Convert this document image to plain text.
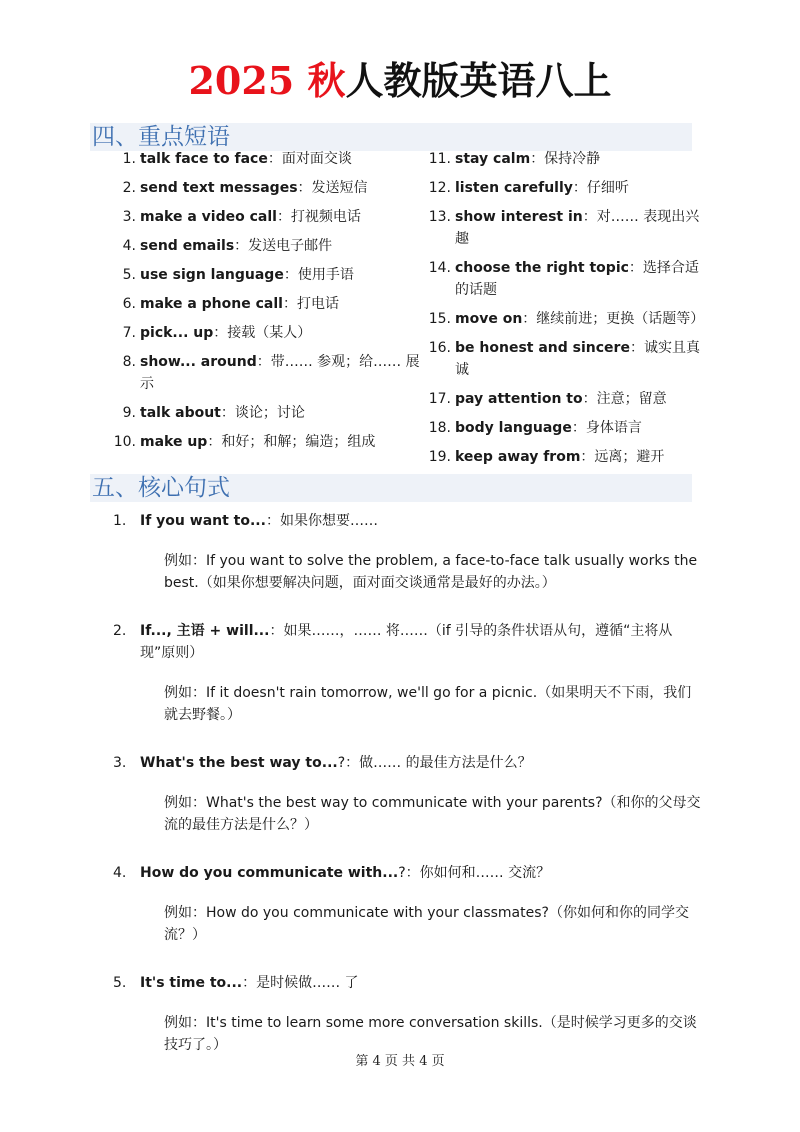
2025 秋人教版英语八上
四、重点短语
1. talk face to face：面对面交谈
2. send text messages：发送短信
3. make a video call：打视频电话
4. send emails：发送电子邮件
5. use sign language：使用手语
6. make a phone call：打电话
7. pick... up：接载（某人）
8. show... around：带…… 参观；给…… 展示
9. talk about：谈论；讨论
10. make up：和好；和解；编造；组成
11. stay calm：保持冷静
12. listen carefully：仔细听
13. show interest in：对…… 表现出兴趣
14. choose the right topic：选择合适的话题
15. move on：继续前进；更换（话题等）
16. be honest and sincere：诚实且真诚
17. pay attention to：注意；留意
18. body language：身体语言
19. keep away from：远离；避开
五、核心句式
1. If you want to...：如果你想要……
例如：If you want to solve the problem, a face-to-face talk usually works the best.（如果你想要解决问题，面对面交谈通常是最好的办法。）
2. If..., 主语 + will...：如果……，…… 将……（if 引导的条件状语从句，遵循“主将从现”原则）
例如：If it doesn't rain tomorrow, we'll go for a picnic.（如果明天不下雨，我们就去野餐。）
3. What's the best way to...?：做…… 的最佳方法是什么？
例如：What's the best way to communicate with your parents?（和你的父母交流的最佳方法是什么？）
4. How do you communicate with...?：你如何和…… 交流？
例如：How do you communicate with your classmates?（你如何和你的同学交流？）
5. It's time to...：是时候做…… 了
例如：It's time to learn some more conversation skills.（是时候学习更多的交谈技巧了。）
第 4 页 共 4 页
